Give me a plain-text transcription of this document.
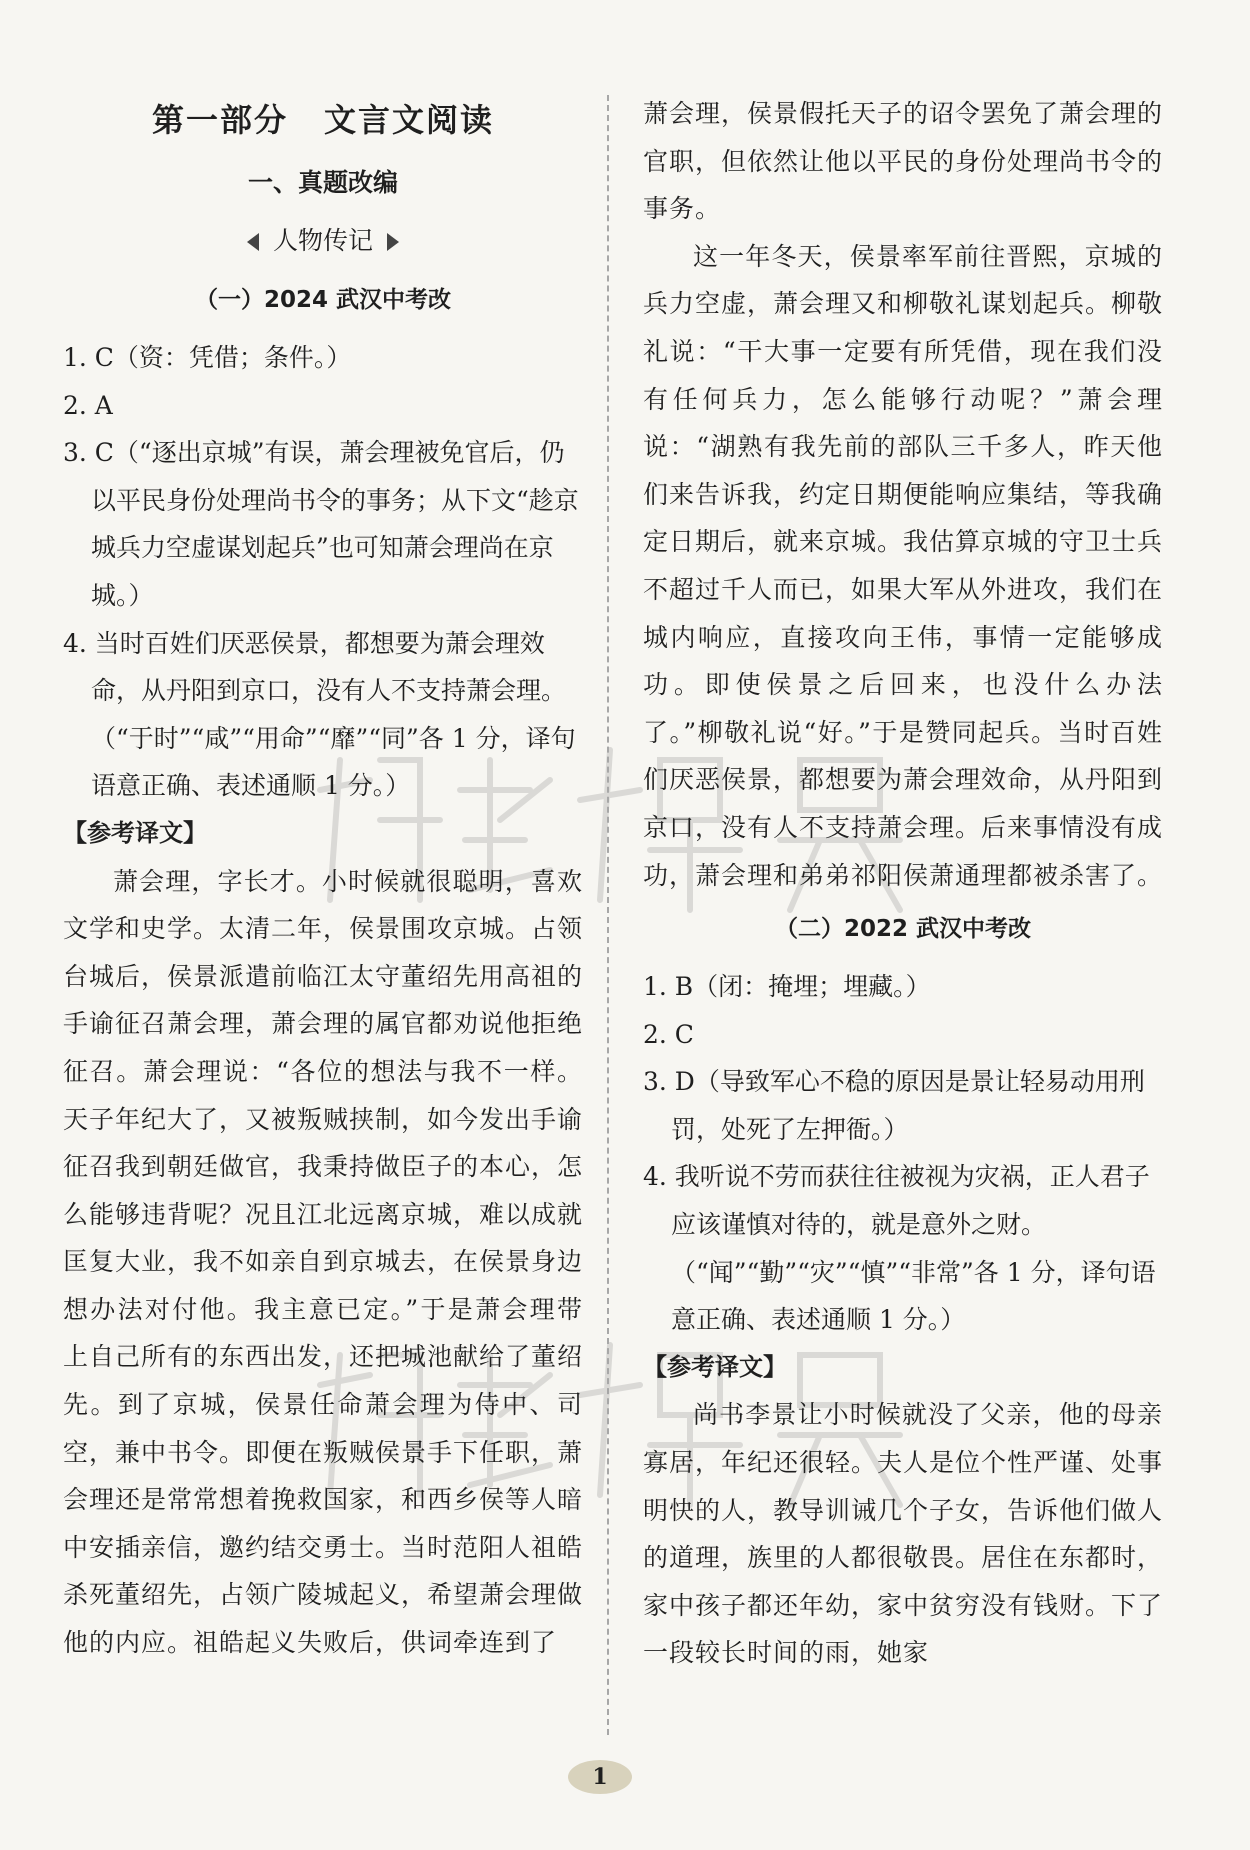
第一部分 文言文阅读
一、真题改编
人物传记
（一）2024 武汉中考改

1. C（资：凭借；条件。）

2. A

3. C（“逐出京城”有误，萧会理被免官后，仍以平民身份处理尚书令的事务；从下文“趁京城兵力空虚谋划起兵”也可知萧会理尚在京城。）

4. 当时百姓们厌恶侯景，都想要为萧会理效命，从丹阳到京口，没有人不支持萧会理。

（“于时”“咸”“用命”“靡”“同”各 1 分，译句语意正确、表述通顺 1 分。）

【参考译文】

萧会理，字长才。小时候就很聪明，喜欢文学和史学。太清二年，侯景围攻京城。占领台城后，侯景派遣前临江太守董绍先用高祖的手谕征召萧会理，萧会理的属官都劝说他拒绝征召。萧会理说：“各位的想法与我不一样。天子年纪大了，又被叛贼挟制，如今发出手谕征召我到朝廷做官，我秉持做臣子的本心，怎么能够违背呢？况且江北远离京城，难以成就匡复大业，我不如亲自到京城去，在侯景身边想办法对付他。我主意已定。”于是萧会理带上自己所有的东西出发，还把城池献给了董绍先。到了京城，侯景任命萧会理为侍中、司空，兼中书令。即便在叛贼侯景手下任职，萧会理还是常常想着挽救国家，和西乡侯等人暗中安插亲信，邀约结交勇士。当时范阳人祖皓杀死董绍先，占领广陵城起义，希望萧会理做他的内应。祖皓起义失败后，供词牵连到了

萧会理，侯景假托天子的诏令罢免了萧会理的官职，但依然让他以平民的身份处理尚书令的事务。

这一年冬天，侯景率军前往晋熙，京城的兵力空虚，萧会理又和柳敬礼谋划起兵。柳敬礼说：“干大事一定要有所凭借，现在我们没有任何兵力，怎么能够行动呢？”萧会理说：“湖熟有我先前的部队三千多人，昨天他们来告诉我，约定日期便能响应集结，等我确定日期后，就来京城。我估算京城的守卫士兵不超过千人而已，如果大军从外进攻，我们在城内响应，直接攻向王伟，事情一定能够成功。即使侯景之后回来，也没什么办法了。”柳敬礼说“好。”于是赞同起兵。当时百姓们厌恶侯景，都想要为萧会理效命，从丹阳到京口，没有人不支持萧会理。后来事情没有成功，萧会理和弟弟祁阳侯萧通理都被杀害了。

（二）2022 武汉中考改

1. B（闭：掩埋；埋藏。）

2. C

3. D（导致军心不稳的原因是景让轻易动用刑罚，处死了左押衙。）

4. 我听说不劳而获往往被视为灾祸，正人君子应该谨慎对待的，就是意外之财。

（“闻”“勤”“灾”“慎”“非常”各 1 分，译句语意正确、表述通顺 1 分。）

【参考译文】

尚书李景让小时候就没了父亲，他的母亲寡居，年纪还很轻。夫人是位个性严谨、处事明快的人，教导训诫几个子女，告诉他们做人的道理，族里的人都很敬畏。居住在东都时，家中孩子都还年幼，家中贫穷没有钱财。下了一段较长时间的雨，她家

1
